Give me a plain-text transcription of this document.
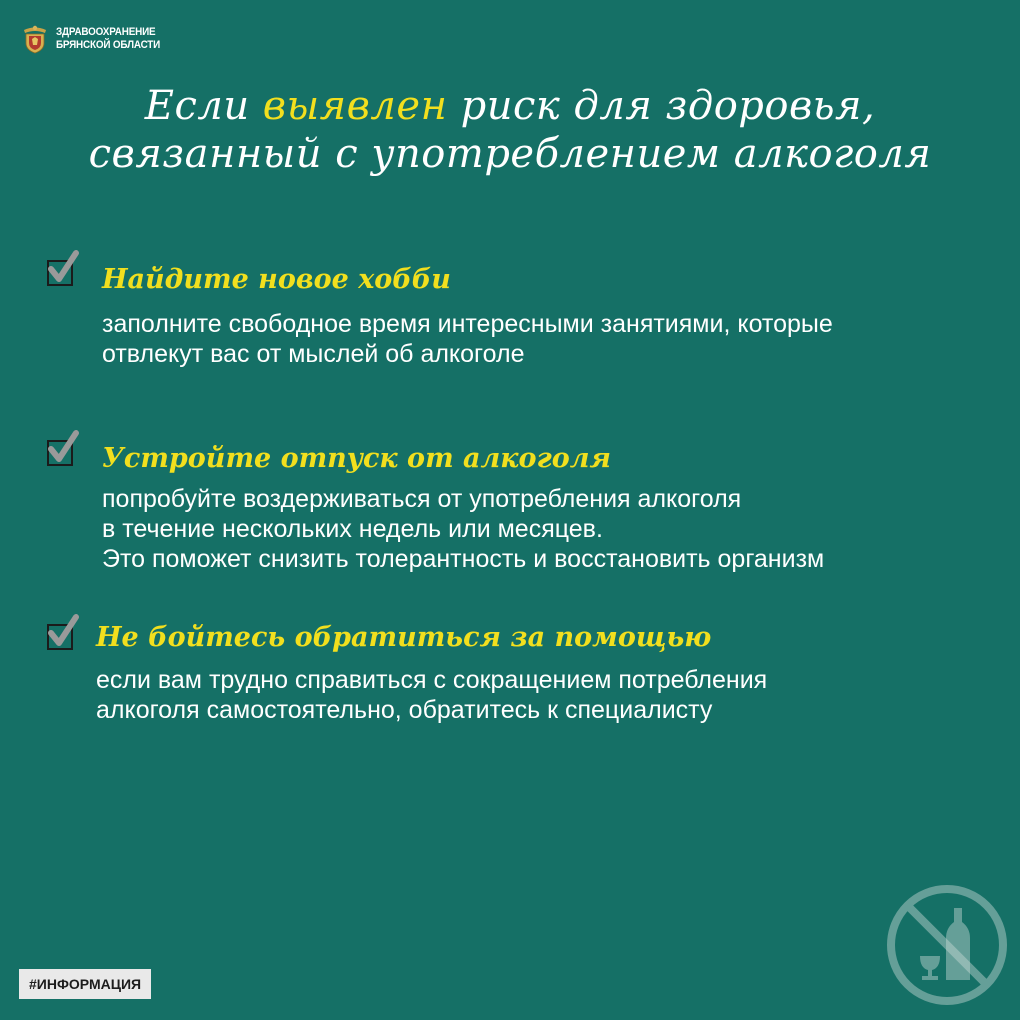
ЗДРАВООХРАНЕНИЕ
БРЯНСКОЙ ОБЛАСТИ
Если выявлен риск для здоровья,
связанный с употреблением алкоголя
Найдите новое хобби
заполните свободное время интересными занятиями, которые
отвлекут вас от мыслей об алкоголе
Устройте отпуск от алкоголя
попробуйте воздерживаться от употребления алкоголя
в течение нескольких недель или месяцев.
Это поможет снизить толерантность и восстановить организм
Не бойтесь обратиться за помощью
если вам трудно справиться с сокращением потребления
алкоголя самостоятельно, обратитесь к специалисту
#ИНФОРМАЦИЯ
